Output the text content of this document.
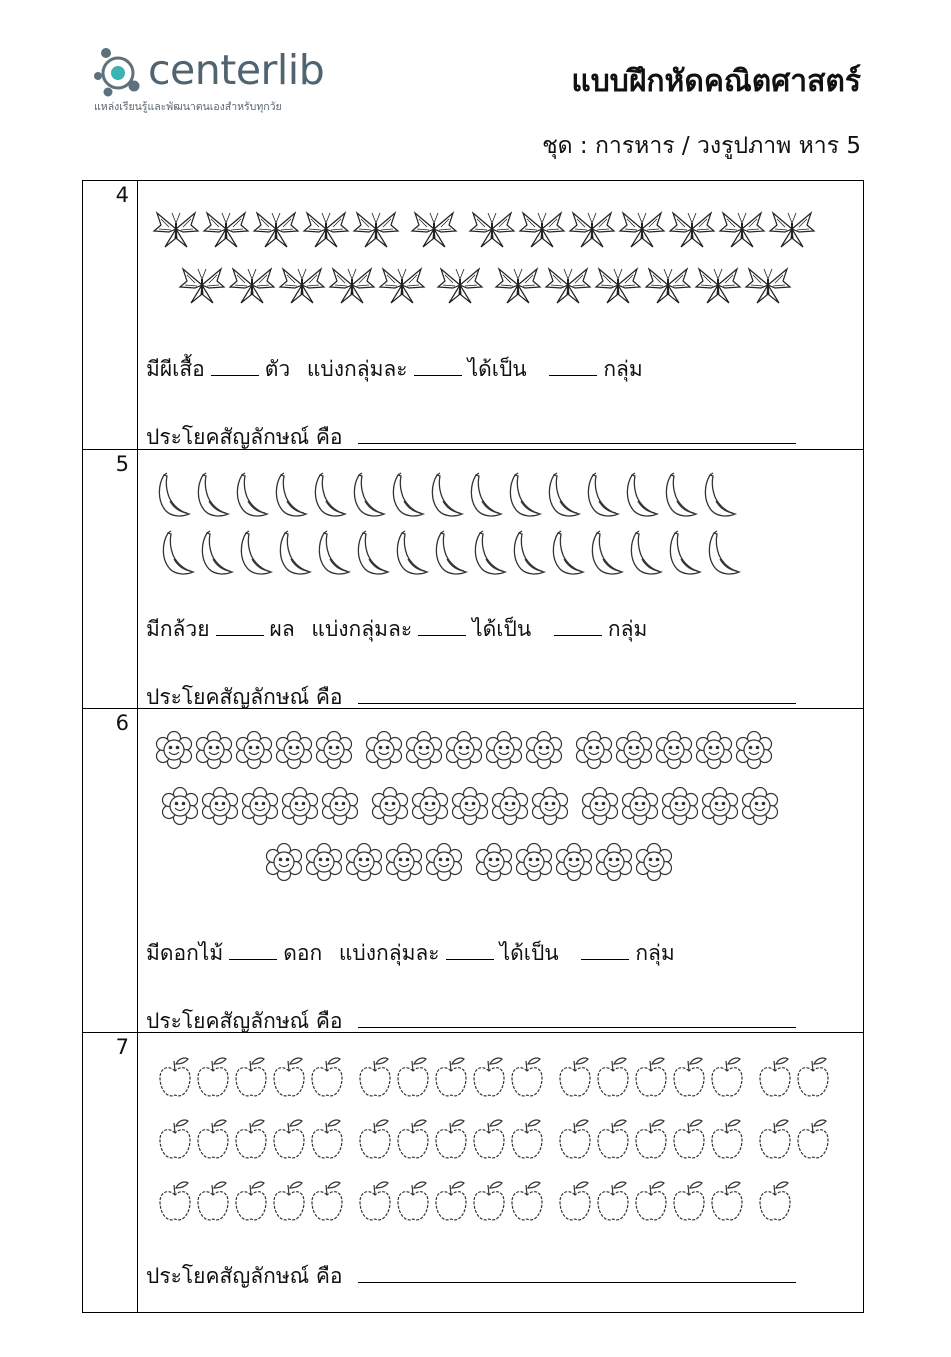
centerlib
แหล่งเรียนรู้และพัฒนาตนเองสำหรับทุกวัย
แบบฝึกหัดคณิตศาสตร์
ชุด : การหาร / วงรูปภาพ หาร 5
4
มีผีเสื้อ	ตัว แบ่งกลุ่มละ	ได้เป็น	กลุ่ม
ประโยคสัญลักษณ์ คือ
5
มีกล้วย	ผล แบ่งกลุ่มละ	ได้เป็น	กลุ่ม
ประโยคสัญลักษณ์ คือ
6
มีดอกไม้	ดอก แบ่งกลุ่มละ	ได้เป็น	กลุ่ม
ประโยคสัญลักษณ์ คือ
7
ประโยคสัญลักษณ์ คือ
